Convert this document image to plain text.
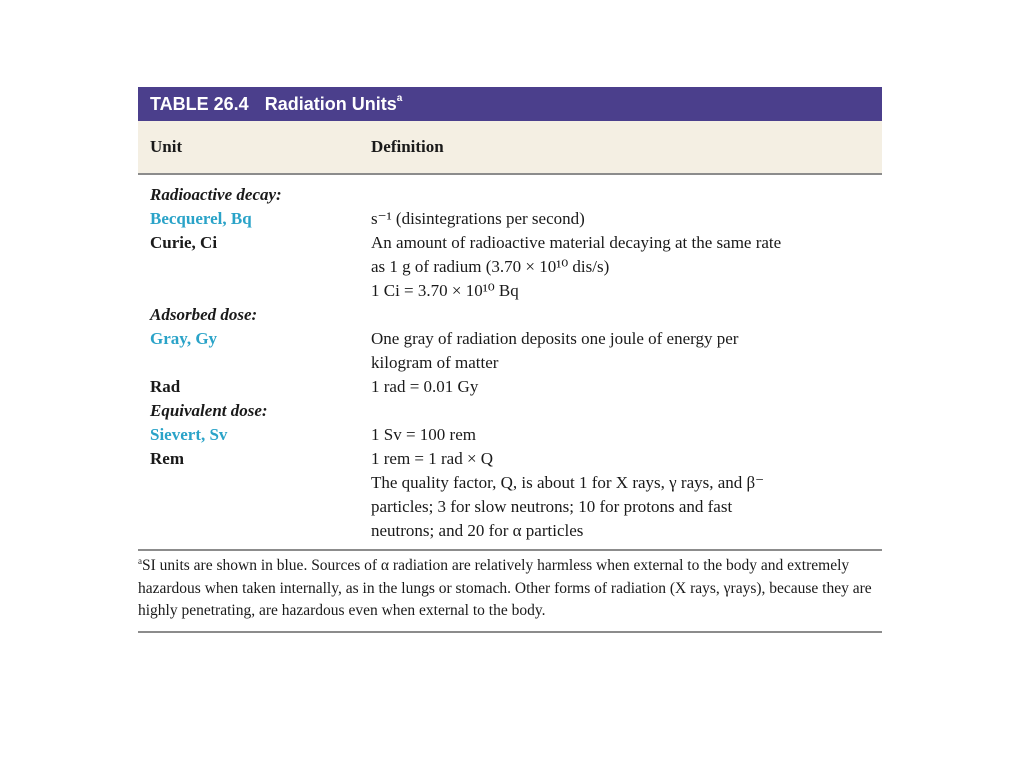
TABLE 26.4 Radiation Units$^a$
Unit	Definition
Radioactive decay:
Becquerel, Bq	s⁻¹ (disintegrations per second)
Curie, Ci	An amount of radioactive material decaying at the same rate
as 1 g of radium (3.70 × 10¹⁰ dis/s)
1 Ci = 3.70 × 10¹⁰ Bq
Adsorbed dose:
Gray, Gy	One gray of radiation deposits one joule of energy per
kilogram of matter
Rad	1 rad = 0.01 Gy
Equivalent dose:
Sievert, Sv	1 Sv = 100 rem
Rem	1 rem = 1 rad × Q
The quality factor, Q, is about 1 for X rays, γ rays, and β⁻
particles; 3 for slow neutrons; 10 for protons and fast
neutrons; and 20 for α particles
$^a$SI units are shown in blue. Sources of α radiation are relatively harmless when external to the body and extremely hazardous when taken internally, as in the lungs or stomach. Other forms of radiation (X rays, γrays), because they are highly penetrating, are hazardous even when external to the body.
